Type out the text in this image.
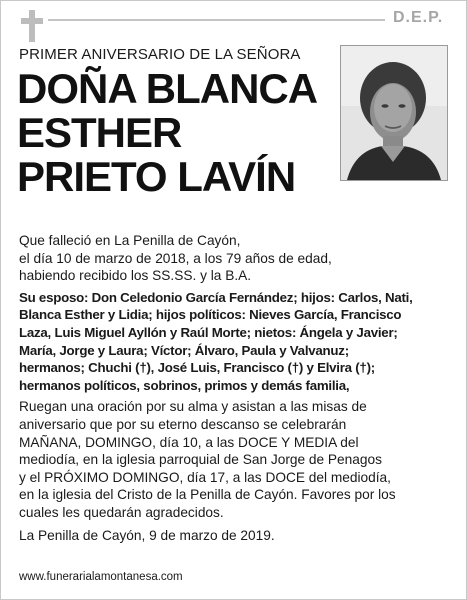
D.E.P.
PRIMER ANIVERSARIO DE LA SEÑORA
DOÑA BLANCA
ESTHER
PRIETO LAVÍN

Que falleció en La Penilla de Cayón,
el día 10 de marzo de 2018, a los 79 años de edad,
habiendo recibido los SS.SS. y la B.A.

Su esposo: Don Celedonio García Fernández; hijos: Carlos, Nati,
Blanca Esther y Lidia; hijos políticos: Nieves García, Francisco
Laza, Luis Miguel Ayllón y Raúl Morte; nietos: Ángela y Javier;
María, Jorge y Laura; Víctor; Álvaro, Paula y Valvanuz;
hermanos; Chuchi (†), José Luis, Francisco (†) y Elvira (†);
hermanos políticos, sobrinos, primos y demás familia,

Ruegan una oración por su alma y asistan a las misas de
aniversario que por su eterno descanso se celebrarán
MAÑANA, DOMINGO, día 10, a las DOCE Y MEDIA del
mediodía, en la iglesia parroquial de San Jorge de Penagos
y el PRÓXIMO DOMINGO, día 17, a las DOCE del mediodía,
en la iglesia del Cristo de la Penilla de Cayón. Favores por los
cuales les quedarán agradecidos.

La Penilla de Cayón, 9 de marzo de 2019.

www.funerarialamontanesa.com
